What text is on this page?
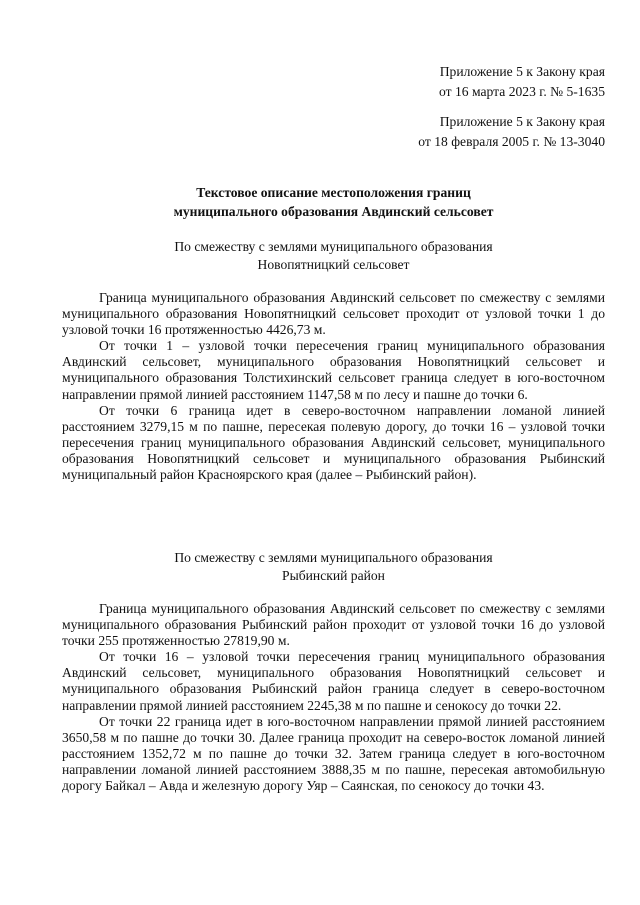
Приложение 5 к Закону края
от 16 марта 2023 г. № 5-1635
Приложение 5 к Закону края
от 18 февраля 2005 г. № 13-3040
Текстовое описание местоположения границ
муниципального образования Авдинский сельсовет
По смежеству с землями муниципального образования
Новопятницкий сельсовет

Граница муниципального образования Авдинский сельсовет по смежеству с землями муниципального образования Новопятницкий сельсовет проходит от узловой точки 1 до узловой точки 16 протяженностью 4426,73 м.

От точки 1 – узловой точки пересечения границ муниципального образования Авдинский сельсовет, муниципального образования Новопятницкий сельсовет и муниципального образования Толстихинский сельсовет граница следует в юго-восточном направлении прямой линией расстоянием 1147,58 м по лесу и пашне до точки 6.

От точки 6 граница идет в северо-восточном направлении ломаной линией расстоянием 3279,15 м по пашне, пересекая полевую дорогу, до точки 16 – узловой точки пересечения границ муниципального образования Авдинский сельсовет, муниципального образования Новопятницкий сельсовет и муниципального образования Рыбинский муниципальный район Красноярского края (далее – Рыбинский район).

По смежеству с землями муниципального образования
Рыбинский район

Граница муниципального образования Авдинский сельсовет по смежеству с землями муниципального образования Рыбинский район проходит от узловой точки 16 до узловой точки 255 протяженностью 27819,90 м.

От точки 16 – узловой точки пересечения границ муниципального образования Авдинский сельсовет, муниципального образования Новопятницкий сельсовет и муниципального образования Рыбинский район граница следует в северо-восточном направлении прямой линией расстоянием 2245,38 м по пашне и сенокосу до точки 22.

От точки 22 граница идет в юго-восточном направлении прямой линией расстоянием 3650,58 м по пашне до точки 30. Далее граница проходит на северо-восток ломаной линией расстоянием 1352,72 м по пашне до точки 32. Затем граница следует в юго-восточном направлении ломаной линией расстоянием 3888,35 м по пашне, пересекая автомобильную дорогу Байкал – Авда и железную дорогу Уяр – Саянская, по сенокосу до точки 43.
